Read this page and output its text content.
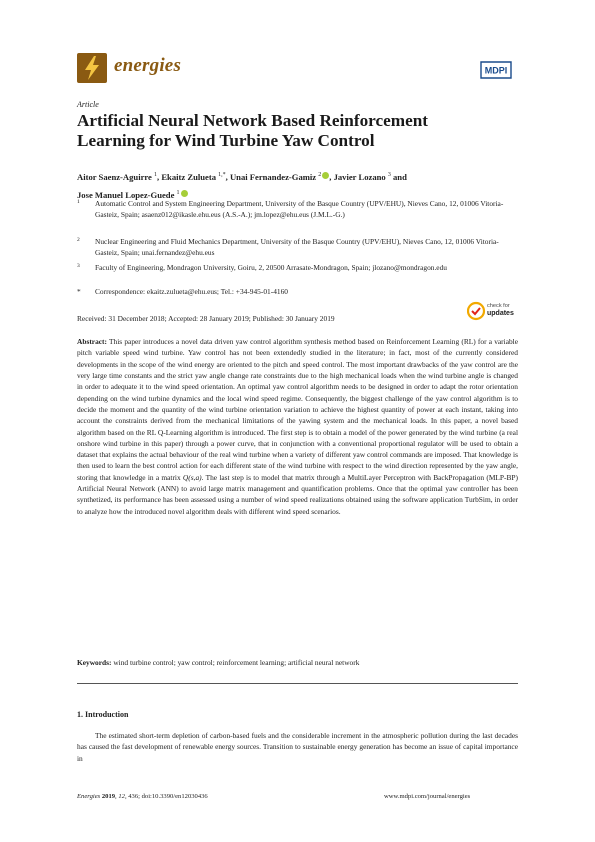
energies	MDPI
Article
Artificial Neural Network Based Reinforcement Learning for Wind Turbine Yaw Control
Aitor Saenz-Aguirre $^1$, Ekaitz Zulueta $^{1,*}$, Unai Fernandez-Gamiz $^2$ , Javier Lozano $^3$ and
Jose Manuel Lopez-Guede $^1$
1	Automatic Control and System Engineering Department, University of the Basque Country (UPV/EHU), Nieves Cano, 12, 01006 Vitoria-Gasteiz, Spain; asaenz012@ikasle.ehu.eus (A.S.-A.); jm.lopez@ehu.eus (J.M.L.-G.)
2	Nuclear Engineering and Fluid Mechanics Department, University of the Basque Country (UPV/EHU), Nieves Cano, 12, 01006 Vitoria-Gasteiz, Spain; unai.fernandez@ehu.eus
3	Faculty of Engineering, Mondragon University, Goiru, 2, 20500 Arrasate-Mondragon, Spain; jlozano@mondragon.edu
*	Correspondence: ekaitz.zulueta@ehu.eus; Tel.: +34-945-01-4160
check for
updates
Received: 31 December 2018; Accepted: 28 January 2019; Published: 30 January 2019
Abstract: This paper introduces a novel data driven yaw control algorithm synthesis method based on Reinforcement Learning (RL) for a variable pitch variable speed wind turbine. Yaw control has not been extendedly studied in the literature; in fact, most of the currently considered developments in the scope of the wind energy are oriented to the pitch and speed control. The most important drawbacks of the yaw control are the very large time constants and the strict yaw angle change rate constraints due to the high mechanical loads when the wind turbine angle is changed in order to adequate it to the wind speed orientation. An optimal yaw control algorithm needs to be designed in order to adapt the rotor orientation depending on the wind turbine dynamics and the local wind speed regime. Consequently, the biggest challenge of the yaw control algorithm is to decide the moment and the quantity of the wind turbine orientation variation to achieve the highest quantity of power at each instant, taking into account the constraints derived from the mechanical limitations of the yawing system and the mechanical loads. In this paper, a novel based algorithm based on the RL Q-Learning algorithm is introduced. The first step is to obtain a model of the power generated by the wind turbine (a real onshore wind turbine in this paper) through a power curve, that in conjunction with a conventional proportional regulator will be used to obtain a dataset that explains the actual behaviour of the real wind turbine when a variety of different yaw control commands are imposed. That knowledge is then used to learn the best control action for each different state of the wind turbine with respect to the wind direction represented by the yaw angle, storing that knowledge in a matrix Q(s,a). The last step is to model that matrix through a MultiLayer Perceptron with BackPropagation (MLP-BP) Artificial Neural Network (ANN) to avoid large matrix management and quantification problems. Once that the optimal yaw controller has been synthetized, its performance has been assessed using a number of wind speed realizations obtained using the software application TurbSim, in order to analyze how the introduced novel algorithm deals with different wind speed scenarios.
Keywords: wind turbine control; yaw control; reinforcement learning; artificial neural network
1. Introduction
The estimated short-term depletion of carbon-based fuels and the considerable increment in the atmospheric pollution during the last decades has caused the fast development of renewable energy sources. Transition to sustainable energy generation has become an issue of capital importance in
Energies 2019, 12, 436; doi:10.3390/en12030436	www.mdpi.com/journal/energies
